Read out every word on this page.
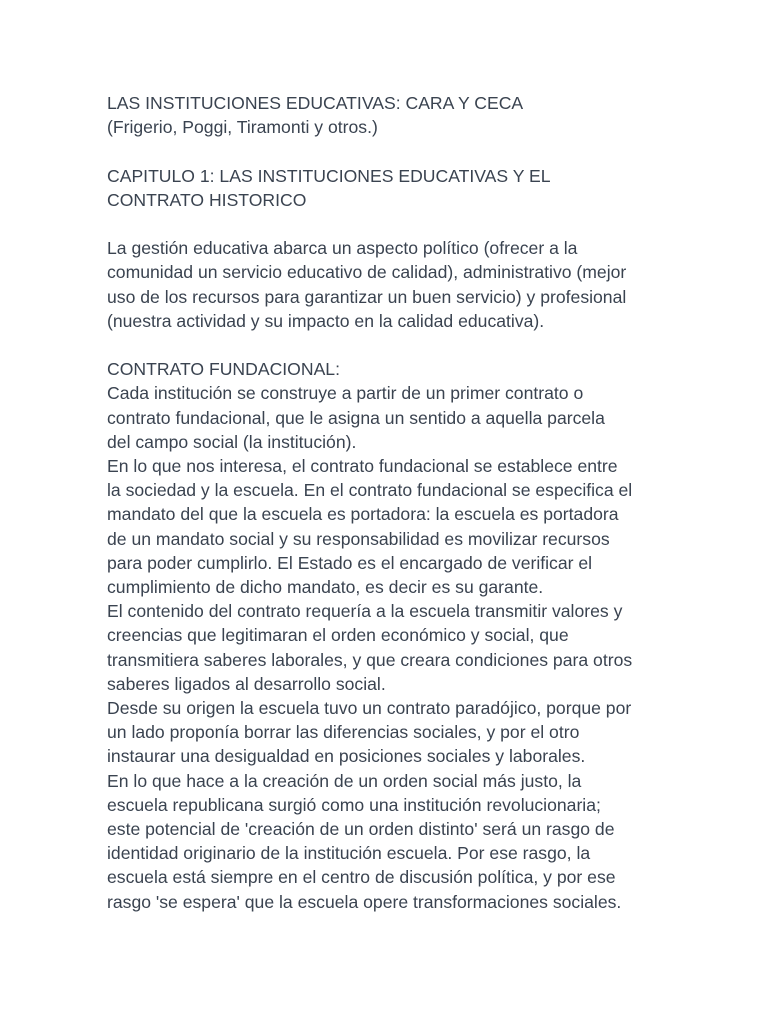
LAS INSTITUCIONES EDUCATIVAS: CARA Y CECA
(Frigerio, Poggi, Tiramonti y otros.)
CAPITULO 1: LAS INSTITUCIONES EDUCATIVAS Y EL
CONTRATO HISTORICO
La gestión educativa abarca un aspecto político (ofrecer a la
comunidad un servicio educativo de calidad), administrativo (mejor
uso de los recursos para garantizar un buen servicio) y profesional
(nuestra actividad y su impacto en la calidad educativa).
CONTRATO FUNDACIONAL:
Cada institución se construye a partir de un primer contrato o
contrato fundacional, que le asigna un sentido a aquella parcela
del campo social (la institución).
En lo que nos interesa, el contrato fundacional se establece entre
la sociedad y la escuela. En el contrato fundacional se especifica el
mandato del que la escuela es portadora: la escuela es portadora
de un mandato social y su responsabilidad es movilizar recursos
para poder cumplirlo. El Estado es el encargado de verificar el
cumplimiento de dicho mandato, es decir es su garante.
El contenido del contrato requería a la escuela transmitir valores y
creencias que legitimaran el orden económico y social, que
transmitiera saberes laborales, y que creara condiciones para otros
saberes ligados al desarrollo social.
Desde su origen la escuela tuvo un contrato paradójico, porque por
un lado proponía borrar las diferencias sociales, y por el otro
instaurar una desigualdad en posiciones sociales y laborales.
En lo que hace a la creación de un orden social más justo, la
escuela republicana surgió como una institución revolucionaria;
este potencial de 'creación de un orden distinto' será un rasgo de
identidad originario de la institución escuela. Por ese rasgo, la
escuela está siempre en el centro de discusión política, y por ese
rasgo 'se espera' que la escuela opere transformaciones sociales.
